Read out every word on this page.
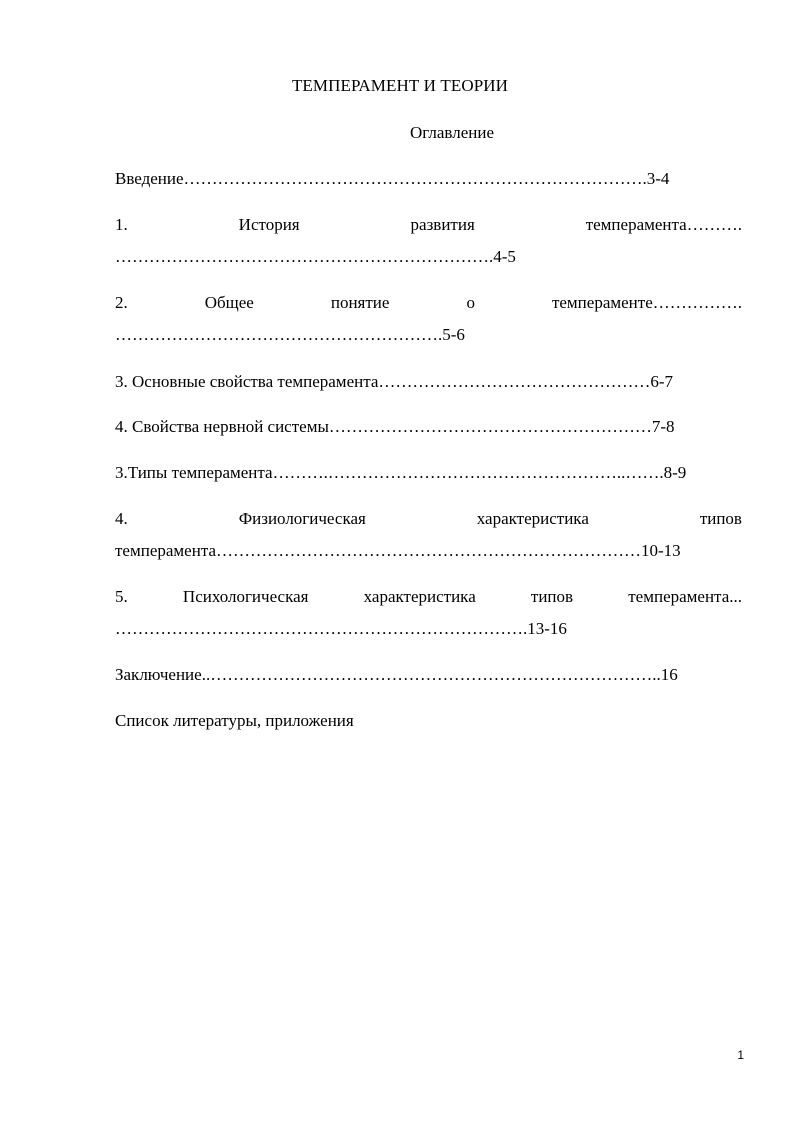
ТЕМПЕРАМЕНТ И ТЕОРИИ
Оглавление
Введение……………………………………………………………………….3-4
1.	История	развития	темперамента……….
………………………………………………………….4-5
2.	Общее	понятие	о	темпераменте…………….
………………………………………………….5-6
3. Основные свойства темперамента…………………………………………6-7
4. Свойства нервной системы…………………………………………………7-8
3.Типы темперамента……….……………………………………………..…….8-9
4.	Физиологическая	характеристика	типов
темперамента…………………………………………………………………10-13
5.	Психологическая	характеристика	типов	темперамента...
……………………………………………………………….13-16
Заключение..……………………………………………………………………..16
Список литературы, приложения
1
